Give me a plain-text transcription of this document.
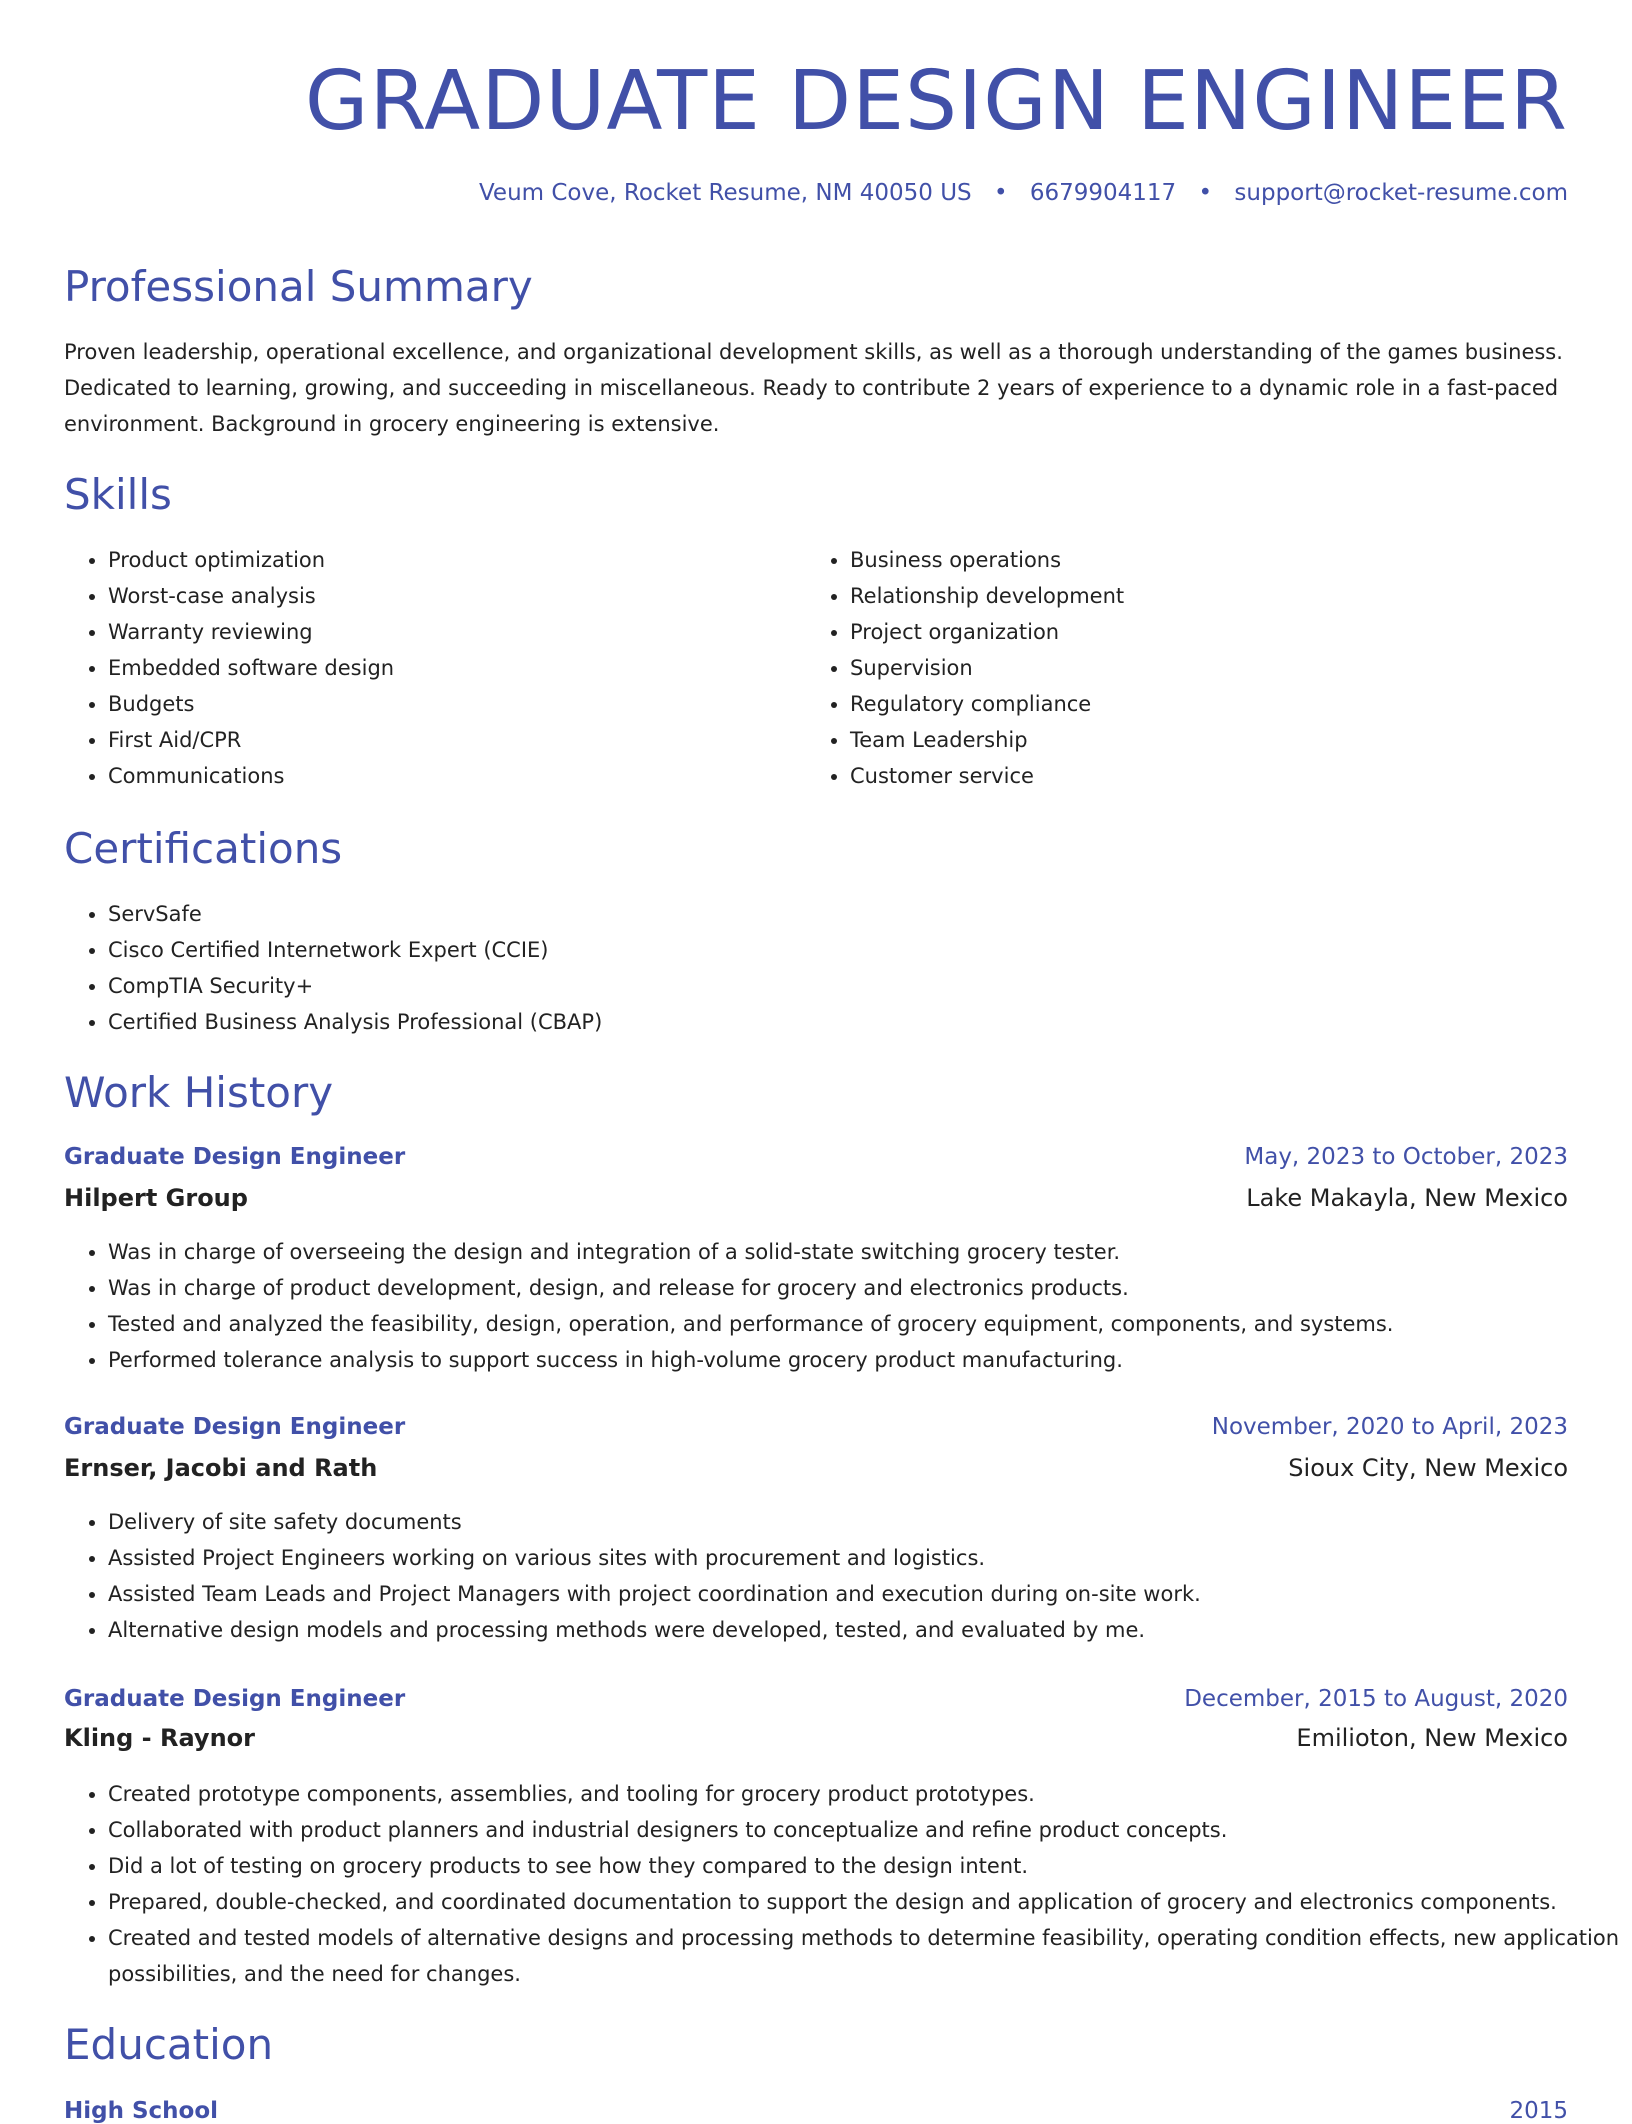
GRADUATE DESIGN ENGINEER
Veum Cove, Rocket Resume, NM 40050 US • 6679904117 • support@rocket-resume.com
Professional Summary
Proven leadership, operational excellence, and organizational development skills, as well as a thorough understanding of the games business. Dedicated to learning, growing, and succeeding in miscellaneous. Ready to contribute 2 years of experience to a dynamic role in a fast-paced environment. Background in grocery engineering is extensive.
Skills
• Product optimization
• Worst-case analysis
• Warranty reviewing
• Embedded software design
• Budgets
• First Aid/CPR
• Communications
• Business operations
• Relationship development
• Project organization
• Supervision
• Regulatory compliance
• Team Leadership
• Customer service
Certifications
• ServSafe
• Cisco Certified Internetwork Expert (CCIE)
• CompTIA Security+
• Certified Business Analysis Professional (CBAP)
Work History
Graduate Design Engineer	May, 2023 to October, 2023
Hilpert Group	Lake Makayla, New Mexico
• Was in charge of overseeing the design and integration of a solid-state switching grocery tester.
• Was in charge of product development, design, and release for grocery and electronics products.
• Tested and analyzed the feasibility, design, operation, and performance of grocery equipment, components, and systems.
• Performed tolerance analysis to support success in high-volume grocery product manufacturing.
Graduate Design Engineer	November, 2020 to April, 2023
Ernser, Jacobi and Rath	Sioux City, New Mexico
• Delivery of site safety documents
• Assisted Project Engineers working on various sites with procurement and logistics.
• Assisted Team Leads and Project Managers with project coordination and execution during on-site work.
• Alternative design models and processing methods were developed, tested, and evaluated by me.
Graduate Design Engineer	December, 2015 to August, 2020
Kling - Raynor	Emilioton, New Mexico
• Created prototype components, assemblies, and tooling for grocery product prototypes.
• Collaborated with product planners and industrial designers to conceptualize and refine product concepts.
• Did a lot of testing on grocery products to see how they compared to the design intent.
• Prepared, double-checked, and coordinated documentation to support the design and application of grocery and electronics components.
• Created and tested models of alternative designs and processing methods to determine feasibility, operating condition effects, new application possibilities, and the need for changes.
Education
High School	2015
